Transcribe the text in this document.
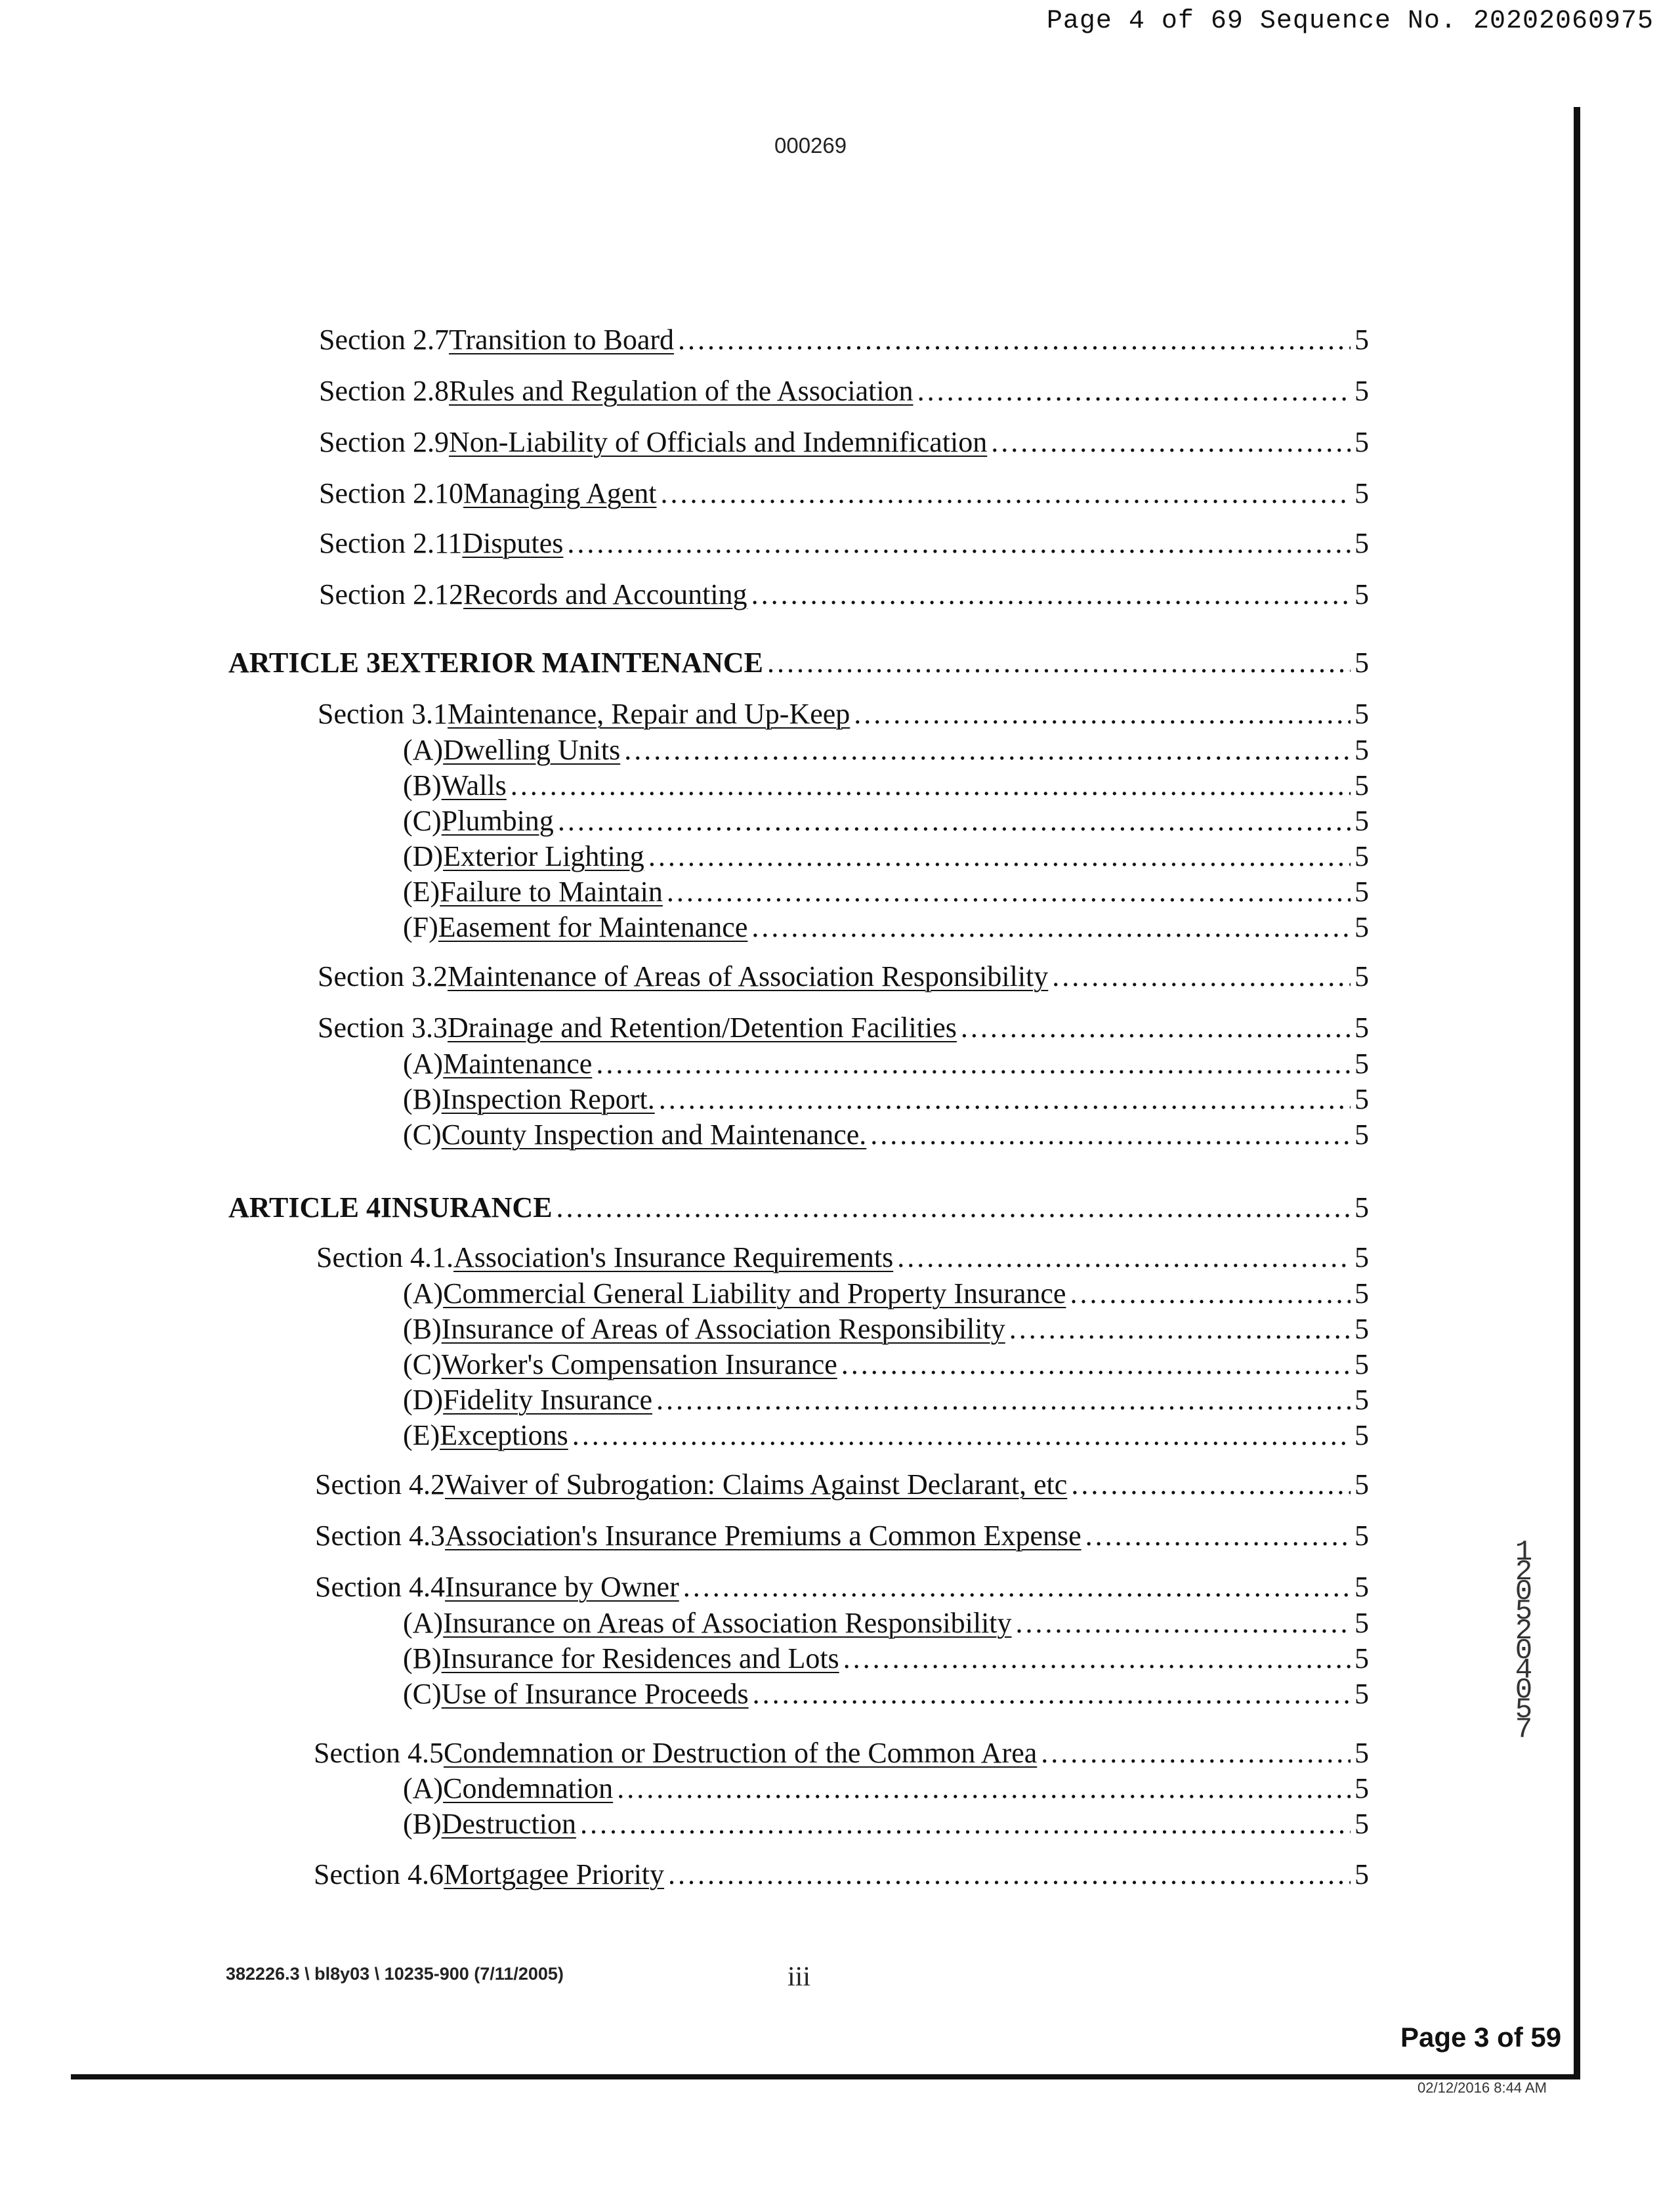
Page 4 of 69 Sequence No. 20202060975
000269
Section 2.7 Transition to Board .....	5
Section 2.8 Rules and Regulation of the Association .....	5
Section 2.9 Non-Liability of Officials and Indemnification .....	5
Section 2.10 Managing Agent .....	5
Section 2.11 Disputes .....	5
Section 2.12 Records and Accounting .....	5
ARTICLE 3 EXTERIOR MAINTENANCE .....	5
Section 3.1 Maintenance, Repair and Up-Keep .....	5
(A) Dwelling Units .....	5
(B) Walls .....	5
(C) Plumbing .....	5
(D) Exterior Lighting .....	5
(E) Failure to Maintain .....	5
(F) Easement for Maintenance .....	5
Section 3.2 Maintenance of Areas of Association Responsibility .....	5
Section 3.3 Drainage and Retention/Detention Facilities .....	5
(A) Maintenance .....	5
(B) Inspection Report. .....	5
(C) County Inspection and Maintenance. .....	5
ARTICLE 4 INSURANCE .....	5
Section 4.1. Association's Insurance Requirements .....	5
(A) Commercial General Liability and Property Insurance .....	5
(B) Insurance of Areas of Association Responsibility .....	5
(C) Worker's Compensation Insurance .....	5
(D) Fidelity Insurance .....	5
(E) Exceptions .....	5
Section 4.2 Waiver of Subrogation: Claims Against Declarant, etc .....	5
Section 4.3 Association's Insurance Premiums a Common Expense .....	5
Section 4.4 Insurance by Owner .....	5
(A) Insurance on Areas of Association Responsibility .....	5
(B) Insurance for Residences and Lots .....	5
(C) Use of Insurance Proceeds .....	5
Section 4.5 Condemnation or Destruction of the Common Area .....	5
(A) Condemnation .....	5
(B) Destruction .....	5
Section 4.6 Mortgagee Priority .....	5
382226.3 \ bl8y03 \ 10235-900 (7/11/2005)	iii
Page 3 of 59
02/12/2016 8:44 AM
12052 0405 7
